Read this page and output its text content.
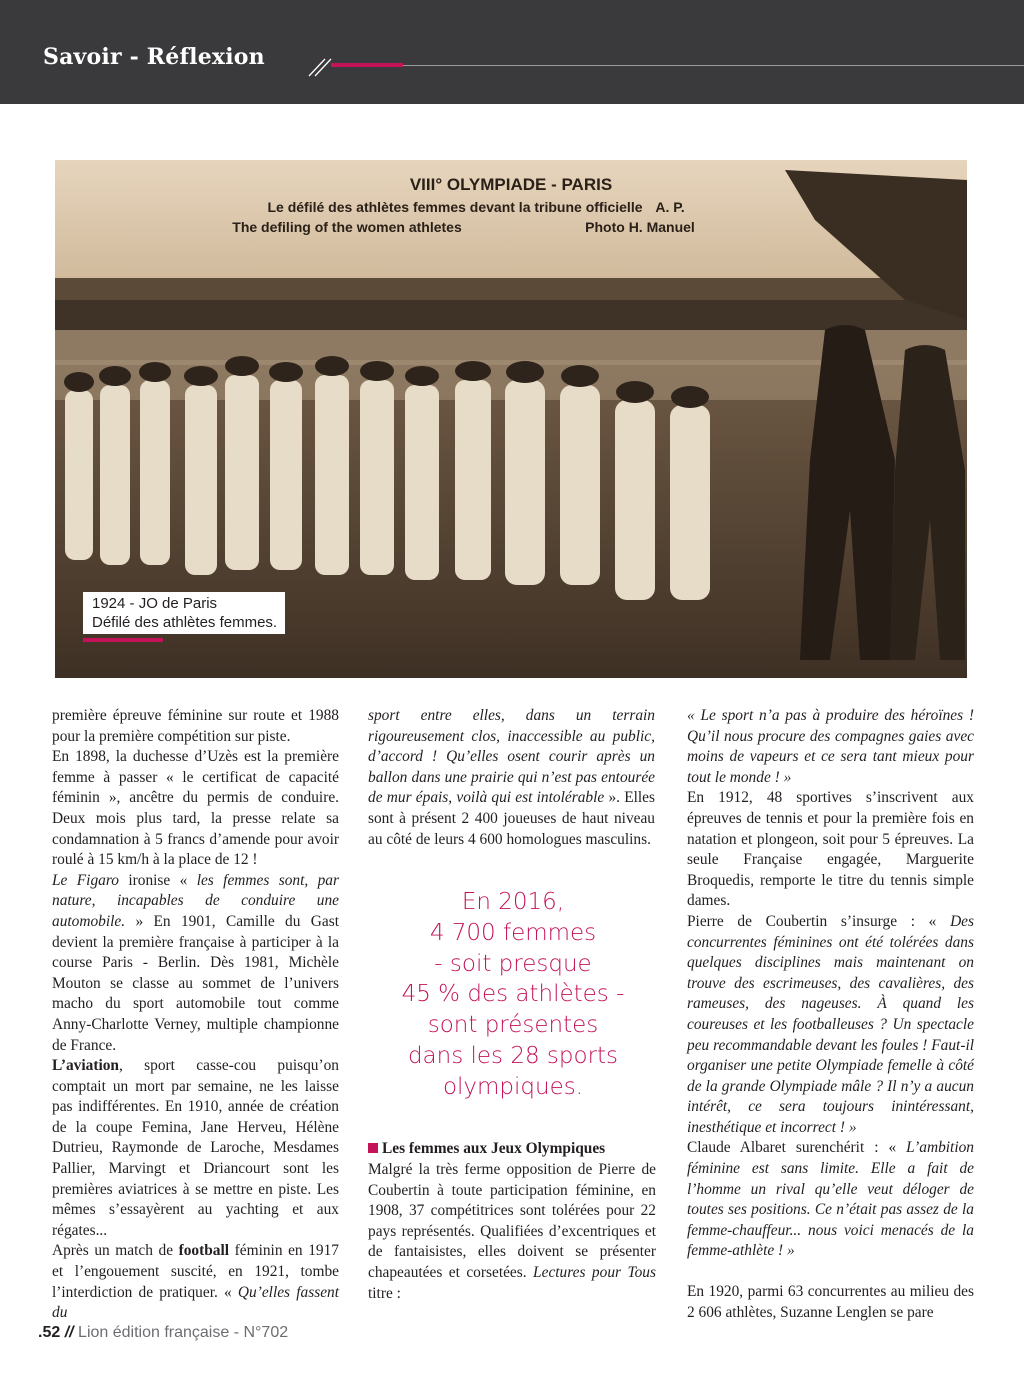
Savoir - Réflexion
VIII° OLYMPIADE - PARIS
Le défilé des athlètes femmes devant la tribune officielle A. P.
The defiling of the women athletes	Photo H. Manuel
1924 - JO de Paris
Défilé des athlètes femmes.

première épreuve féminine sur route et 1988 pour la première compétition sur piste.

En 1898, la duchesse d’Uzès est la première femme à passer « le certificat de capacité féminin », ancêtre du permis de conduire. Deux mois plus tard, la presse relate sa condamnation à 5 francs d’amende pour avoir roulé à 15 km/h à la place de 12 !

Le Figaro ironise « les femmes sont, par nature, incapables de conduire une automobile. » En 1901, Camille du Gast devient la première française à participer à la course Paris - Berlin. Dès 1981, Michèle Mouton se classe au sommet de l’univers macho du sport automobile tout comme Anny-Charlotte Verney, multiple championne de France.

L’aviation, sport casse-cou puisqu’on comptait un mort par semaine, ne les laisse pas indifférentes. En 1910, année de création de la coupe Femina, Jane Herveu, Hélène Dutrieu, Raymonde de Laroche, Mesdames Pallier, Marvingt et Driancourt sont les premières aviatrices à se mettre en piste. Les mêmes s’essayèrent au yachting et aux régates...

Après un match de football féminin en 1917 et l’engouement suscité, en 1921, tombe l’interdiction de pratiquer. « Qu’elles fassent du

sport entre elles, dans un terrain rigoureusement clos, inaccessible au public, d’accord ! Qu’elles osent courir après un ballon dans une prairie qui n’est pas entourée de mur épais, voilà qui est intolérable ». Elles sont à présent 2 400 joueuses de haut niveau au côté de leurs 4 600 homologues masculins.

En 2016,
4 700 femmes
- soit presque
45 % des athlètes -
sont présentes
dans les 28 sports
olympiques.
Les femmes aux Jeux Olympiques

Malgré la très ferme opposition de Pierre de Coubertin à toute participation féminine, en 1908, 37 compétitrices sont tolérées pour 22 pays représentés. Qualifiées d’excentriques et de fantaisistes, elles doivent se présenter chapeautées et corsetées. Lectures pour Tous titre :

« Le sport n’a pas à produire des héroïnes ! Qu’il nous procure des compagnes gaies avec moins de vapeurs et ce sera tant mieux pour tout le monde ! »

En 1912, 48 sportives s’inscrivent aux épreuves de tennis et pour la première fois en natation et plongeon, soit pour 5 épreuves. La seule Française engagée, Marguerite Broquedis, remporte le titre du tennis simple dames.

Pierre de Coubertin s’insurge : « Des concurrentes féminines ont été tolérées dans quelques disciplines mais maintenant on trouve des escrimeuses, des cavalières, des rameuses, des nageuses. À quand les coureuses et les footballeuses ? Un spectacle peu recommandable devant les foules ! Faut-il organiser une petite Olympiade femelle à côté de la grande Olympiade mâle ? Il n’y a aucun intérêt, ce sera toujours inintéressant, inesthétique et incorrect ! »

Claude Albaret surenchérit : « L’ambition féminine est sans limite. Elle a fait de l’homme un rival qu’elle veut déloger de toutes ses positions. Ce n’était pas assez de la femme-chauffeur... nous voici menacés de la femme-athlète ! »

En 1920, parmi 63 concurrentes au milieu des 2 606 athlètes, Suzanne Lenglen se pare

.52 // Lion édition française - N°702
